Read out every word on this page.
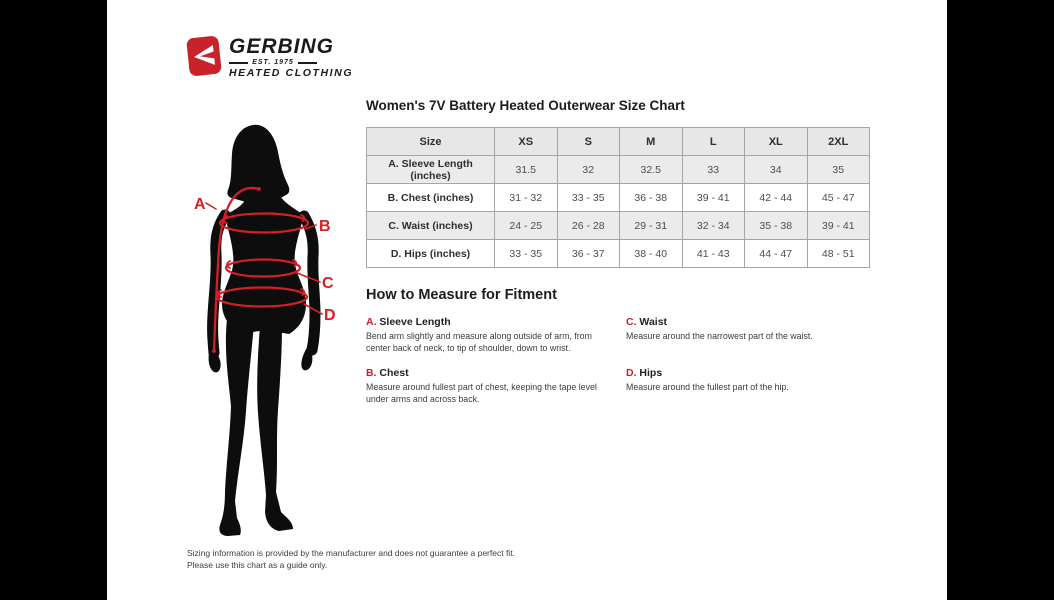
GERBING
EST. 1975
HEATED CLOTHING
A
B
C
D
Women's 7V Battery Heated Outerwear Size Chart
Size	XS	S	M	L	XL	2XL
A. Sleeve Length (inches)	31.5	32	32.5	33	34	35
B. Chest (inches)	31 - 32	33 - 35	36 - 38	39 - 41	42 - 44	45 - 47
C. Waist (inches)	24 - 25	26 - 28	29 - 31	32 - 34	35 - 38	39 - 41
D. Hips (inches)	33 - 35	36 - 37	38 - 40	41 - 43	44 - 47	48 - 51
How to Measure for Fitment
A. Sleeve Length
Bend arm slightly and measure along outside of arm, from center back of neck, to tip of shoulder, down to wrist.
B. Chest
Measure around fullest part of chest, keeping the tape level under arms and across back.
C. Waist
Measure around the narrowest part of the waist.
D. Hips
Measure around the fullest part of the hip.
Sizing information is provided by the manufacturer and does not guarantee a perfect fit.
Please use this chart as a guide only.
